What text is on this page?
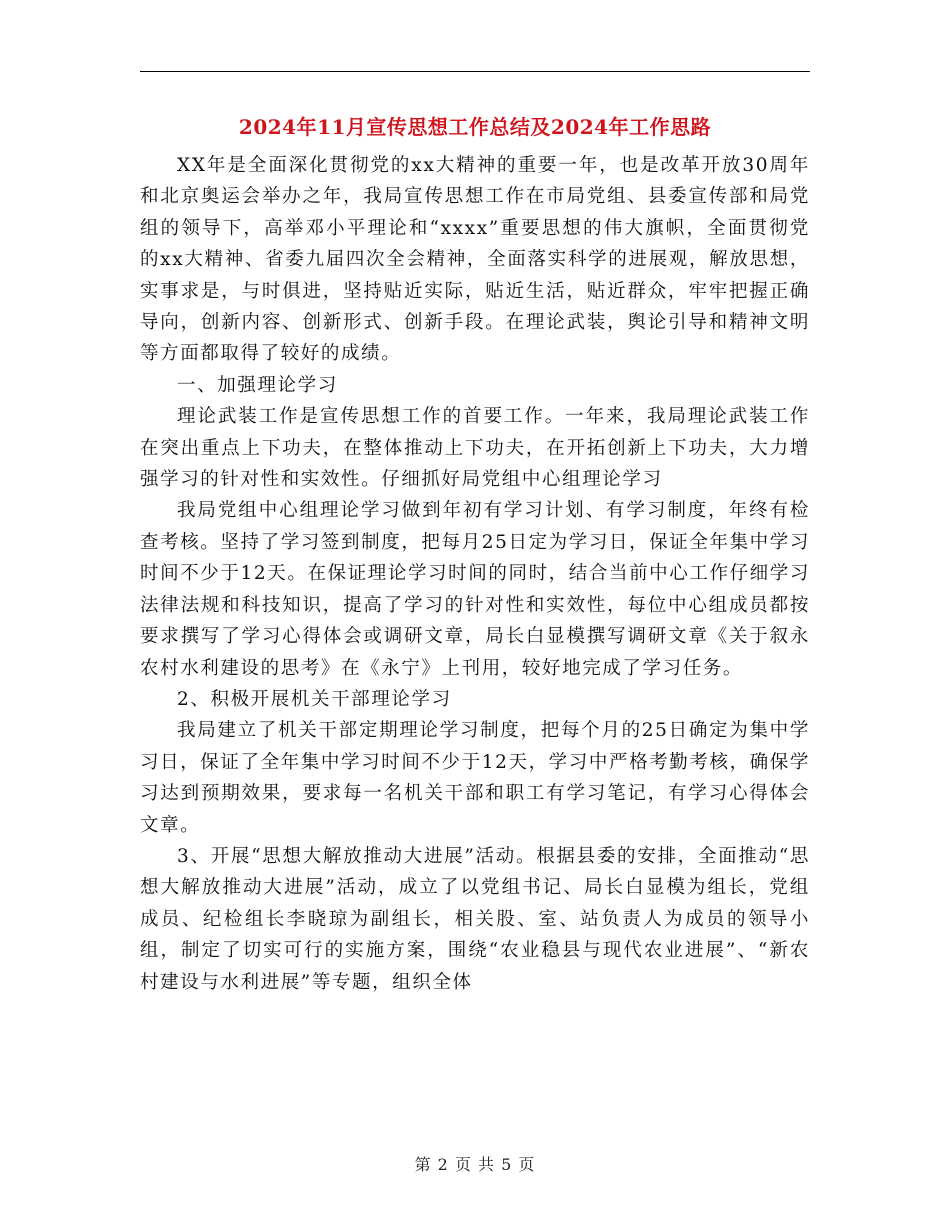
2024年11月宣传思想工作总结及2024年工作思路

XX年是全面深化贯彻党的xx大精神的重要一年，也是改革开放30周年和北京奥运会举办之年，我局宣传思想工作在市局党组、县委宣传部和局党组的领导下，高举邓小平理论和“xxxx”重要思想的伟大旗帜，全面贯彻党的xx大精神、省委九届四次全会精神，全面落实科学的进展观，解放思想，实事求是，与时俱进，坚持贴近实际，贴近生活，贴近群众，牢牢把握正确导向，创新内容、创新形式、创新手段。在理论武装，舆论引导和精神文明等方面都取得了较好的成绩。

一、加强理论学习

理论武装工作是宣传思想工作的首要工作。一年来，我局理论武装工作在突出重点上下功夫，在整体推动上下功夫，在开拓创新上下功夫，大力增强学习的针对性和实效性。仔细抓好局党组中心组理论学习

我局党组中心组理论学习做到年初有学习计划、有学习制度，年终有检查考核。坚持了学习签到制度，把每月25日定为学习日，保证全年集中学习时间不少于12天。在保证理论学习时间的同时，结合当前中心工作仔细学习法律法规和科技知识，提高了学习的针对性和实效性，每位中心组成员都按要求撰写了学习心得体会或调研文章，局长白显模撰写调研文章《关于叙永农村水利建设的思考》在《永宁》上刊用，较好地完成了学习任务。

2、积极开展机关干部理论学习

我局建立了机关干部定期理论学习制度，把每个月的25日确定为集中学习日，保证了全年集中学习时间不少于12天，学习中严格考勤考核，确保学习达到预期效果，要求每一名机关干部和职工有学习笔记，有学习心得体会文章。

3、开展“思想大解放推动大进展”活动。根据县委的安排，全面推动“思想大解放推动大进展”活动，成立了以党组书记、局长白显模为组长，党组成员、纪检组长李晓琼为副组长，相关股、室、站负责人为成员的领导小组，制定了切实可行的实施方案，围绕“农业稳县与现代农业进展”、“新农村建设与水利进展”等专题，组织全体

第 2 页 共 5 页
